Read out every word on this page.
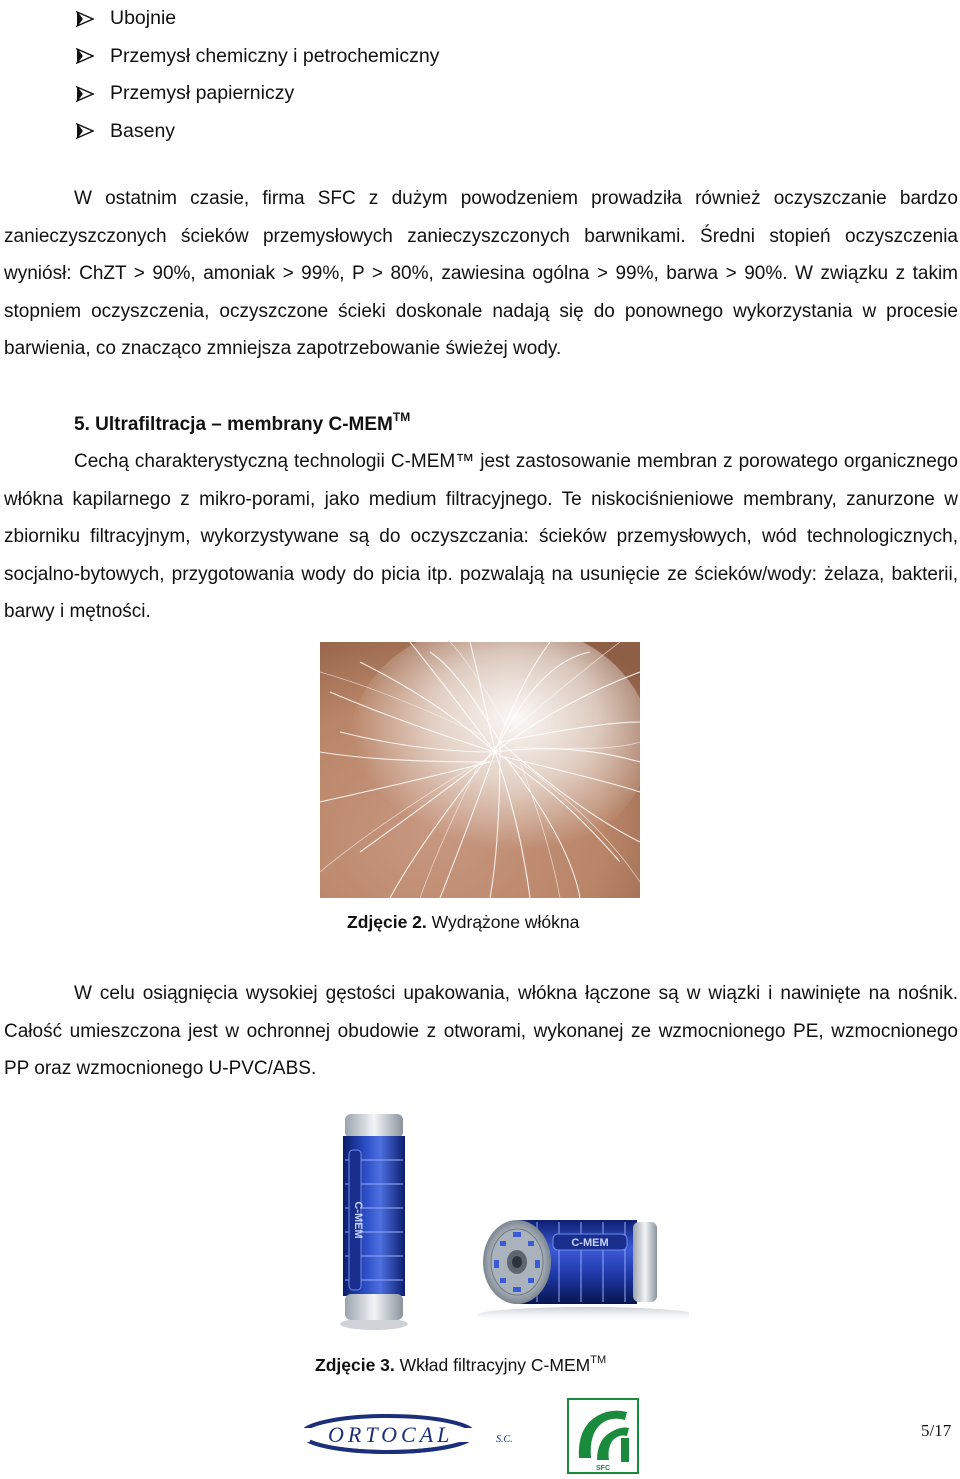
Ubojnie
Przemysł chemiczny i petrochemiczny
Przemysł papierniczy
Baseny

W ostatnim czasie, firma SFC z dużym powodzeniem prowadziła również oczyszczanie bardzo zanieczyszczonych ścieków przemysłowych zanieczyszczonych barwnikami. Średni stopień oczyszczenia wyniósł: ChZT > 90%, amoniak > 99%, P > 80%, zawiesina ogólna > 99%, barwa > 90%. W związku z takim stopniem oczyszczenia, oczyszczone ścieki doskonale nadają się do ponownego wykorzystania w procesie barwienia, co znacząco zmniejsza zapotrzebowanie świeżej wody.

5. Ultrafiltracja – membrany C-MEM™

Cechą charakterystyczną technologii C-MEM™ jest zastosowanie membran z porowatego organicznego włókna kapilarnego z mikro-porami, jako medium filtracyjnego. Te niskociśnieniowe membrany, zanurzone w zbiorniku filtracyjnym, wykorzystywane są do oczyszczania: ścieków przemysłowych, wód technologicznych, socjalno-bytowych, przygotowania wody do picia itp. pozwalają na usunięcie ze ścieków/wody: żelaza, bakterii, barwy i mętności.

Zdjęcie 2. Wydrążone włókna

W celu osiągnięcia wysokiej gęstości upakowania, włókna łączone są w wiązki i nawinięte na nośnik. Całość umieszczona jest w ochronnej obudowie z otworami, wykonanej ze wzmocnionego PE, wzmocnionego PP oraz wzmocnionego U-PVC/ABS.

C-MEM
C-MEM
Zdjęcie 3. Wkład filtracyjny C-MEM™
ORTOCAL	S.C.
SFC
5/17
